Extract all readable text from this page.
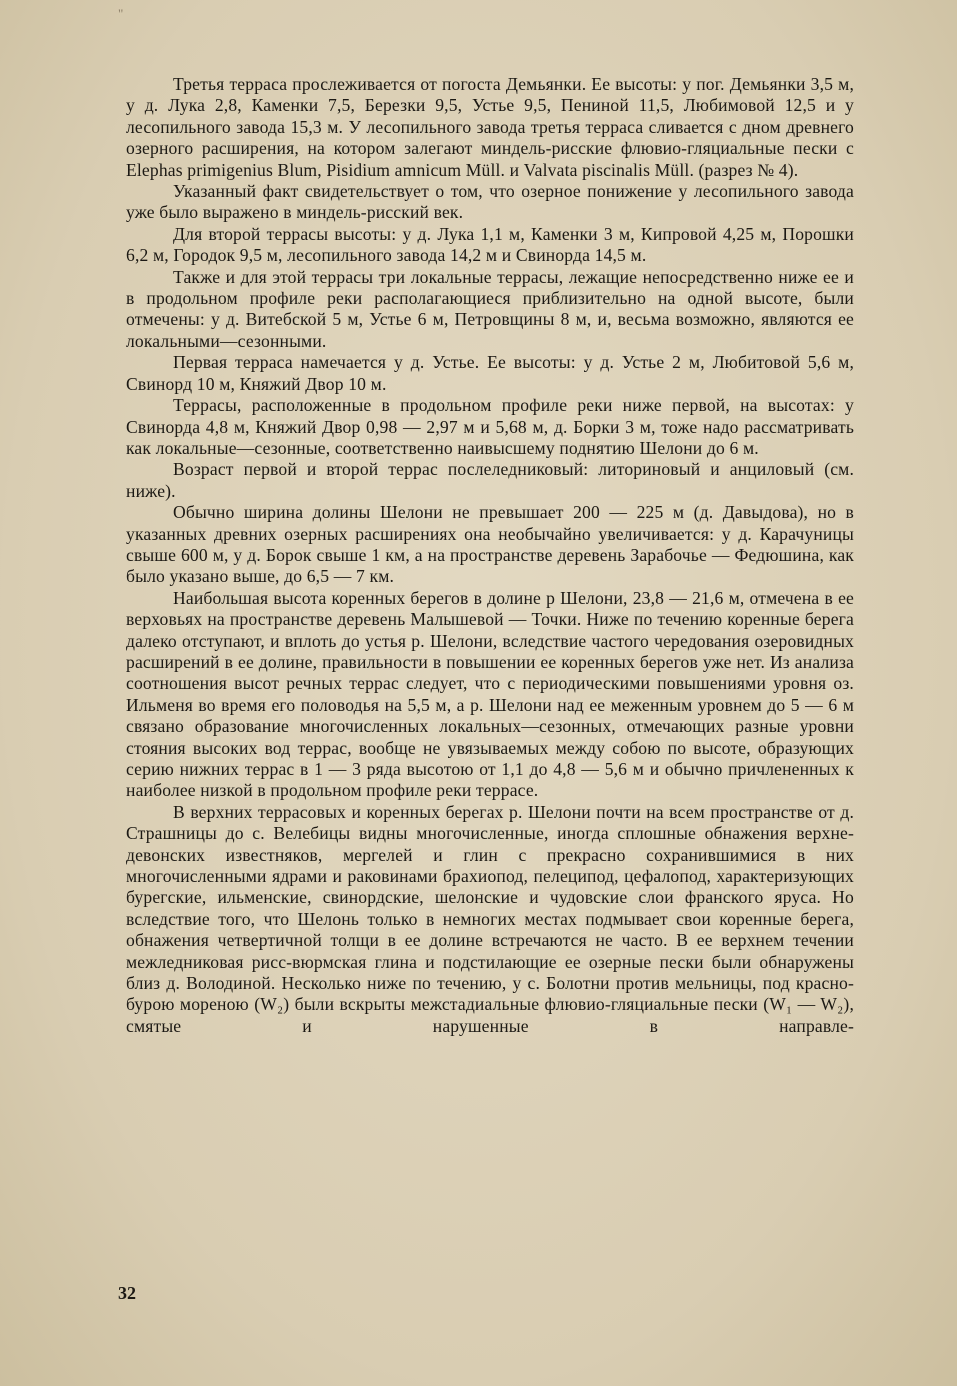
"

Третья терраса прослеживается от погоста Демьянки. Ее высоты: у пог. Демьянки 3,5 м, у д. Лука 2,8, Каменки 7,5, Березки 9,5, Устье 9,5, Пениной 11,5, Любимовой 12,5 и у лесопильного завода 15,3 м. У лесопильного завода третья терраса сливается с дном древнего озерного расширения, на котором залегают миндель-рисские флювио-гляциальные пески с Elephas primigenius Blum, Pisidium amnicum Müll. и Valvata piscinalis Müll. (разрез № 4).

Указанный факт свидетельствует о том, что озерное понижение у лесопильного завода уже было выражено в миндель-рисский век.

Для второй террасы высоты: у д. Лука 1,1 м, Каменки 3 м, Кипровой 4,25 м, Порошки 6,2 м, Городок 9,5 м, лесопильного завода 14,2 м и Свинорда 14,5 м.

Также и для этой террасы три локальные террасы, лежащие непосредственно ниже ее и в продольном профиле реки располагающиеся приблизительно на одной высоте, были отмечены: у д. Витебской 5 м, Устье 6 м, Петровщины 8 м, и, весьма возможно, являются ее локальными—сезонными.

Первая терраса намечается у д. Устье. Ее высоты: у д. Устье 2 м, Любитовой 5,6 м, Свинорд 10 м, Княжий Двор 10 м.

Террасы, расположенные в продольном профиле реки ниже первой, на высотах: у Свинорда 4,8 м, Княжий Двор 0,98 — 2,97 м и 5,68 м, д. Борки 3 м, тоже надо рассматривать как локальные—сезонные, соответственно наивысшему поднятию Шелони до 6 м.

Возраст первой и второй террас послеледниковый: литориновый и анциловый (см. ниже).

Обычно ширина долины Шелони не превышает 200 — 225 м (д. Давыдова), но в указанных древних озерных расширениях она необычайно увеличивается: у д. Карачуницы свыше 600 м, у д. Борок свыше 1 км, а на пространстве деревень Зарабочье — Федюшина, как было указано выше, до 6,5 — 7 км.

Наибольшая высота коренных берегов в долине р Шелони, 23,8 — 21,6 м, отмечена в ее верховьях на пространстве деревень Малышевой — Точки. Ниже по течению коренные берега далеко отступают, и вплоть до устья р. Шелони, вследствие частого чередования озеровидных расширений в ее долине, правильности в повышении ее коренных берегов уже нет. Из анализа соотношения высот речных террас следует, что с периодическими повышениями уровня оз. Ильменя во время его половодья на 5,5 м, а р. Шелони над ее меженным уровнем до 5 — 6 м связано образование многочисленных локальных—сезонных, отмечающих разные уровни стояния высоких вод террас, вообще не увязываемых между собою по высоте, образующих серию нижних террас в 1 — 3 ряда высотою от 1,1 до 4,8 — 5,6 м и обычно причлененных к наиболее низкой в продольном профиле реки террасе.

В верхних террасовых и коренных берегах р. Шелони почти на всем пространстве от д. Страшницы до с. Велебицы видны многочисленные, иногда сплошные обнажения верхне-девонских известняков, мергелей и глин с прекрасно сохранившимися в них многочисленными ядрами и раковинами брахиопод, пелеципод, цефалопод, характеризующих бурегские, ильменские, свинордские, шелонские и чудовские слои франского яруса. Но вследствие того, что Шелонь только в немногих местах подмывает свои коренные берега, обнажения четвертичной толщи в ее долине встречаются не часто. В ее верхнем течении межледниковая рисс-вюрмская глина и подстилающие ее озерные пески были обнаружены близ д. Володиной. Несколько ниже по течению, у с. Болотни против мельницы, под красно-бурою мореною (W₂) были вскрыты межстадиальные флювио-гляциальные пески (W₁ — W₂), смятые и нарушенные в направле-

32
